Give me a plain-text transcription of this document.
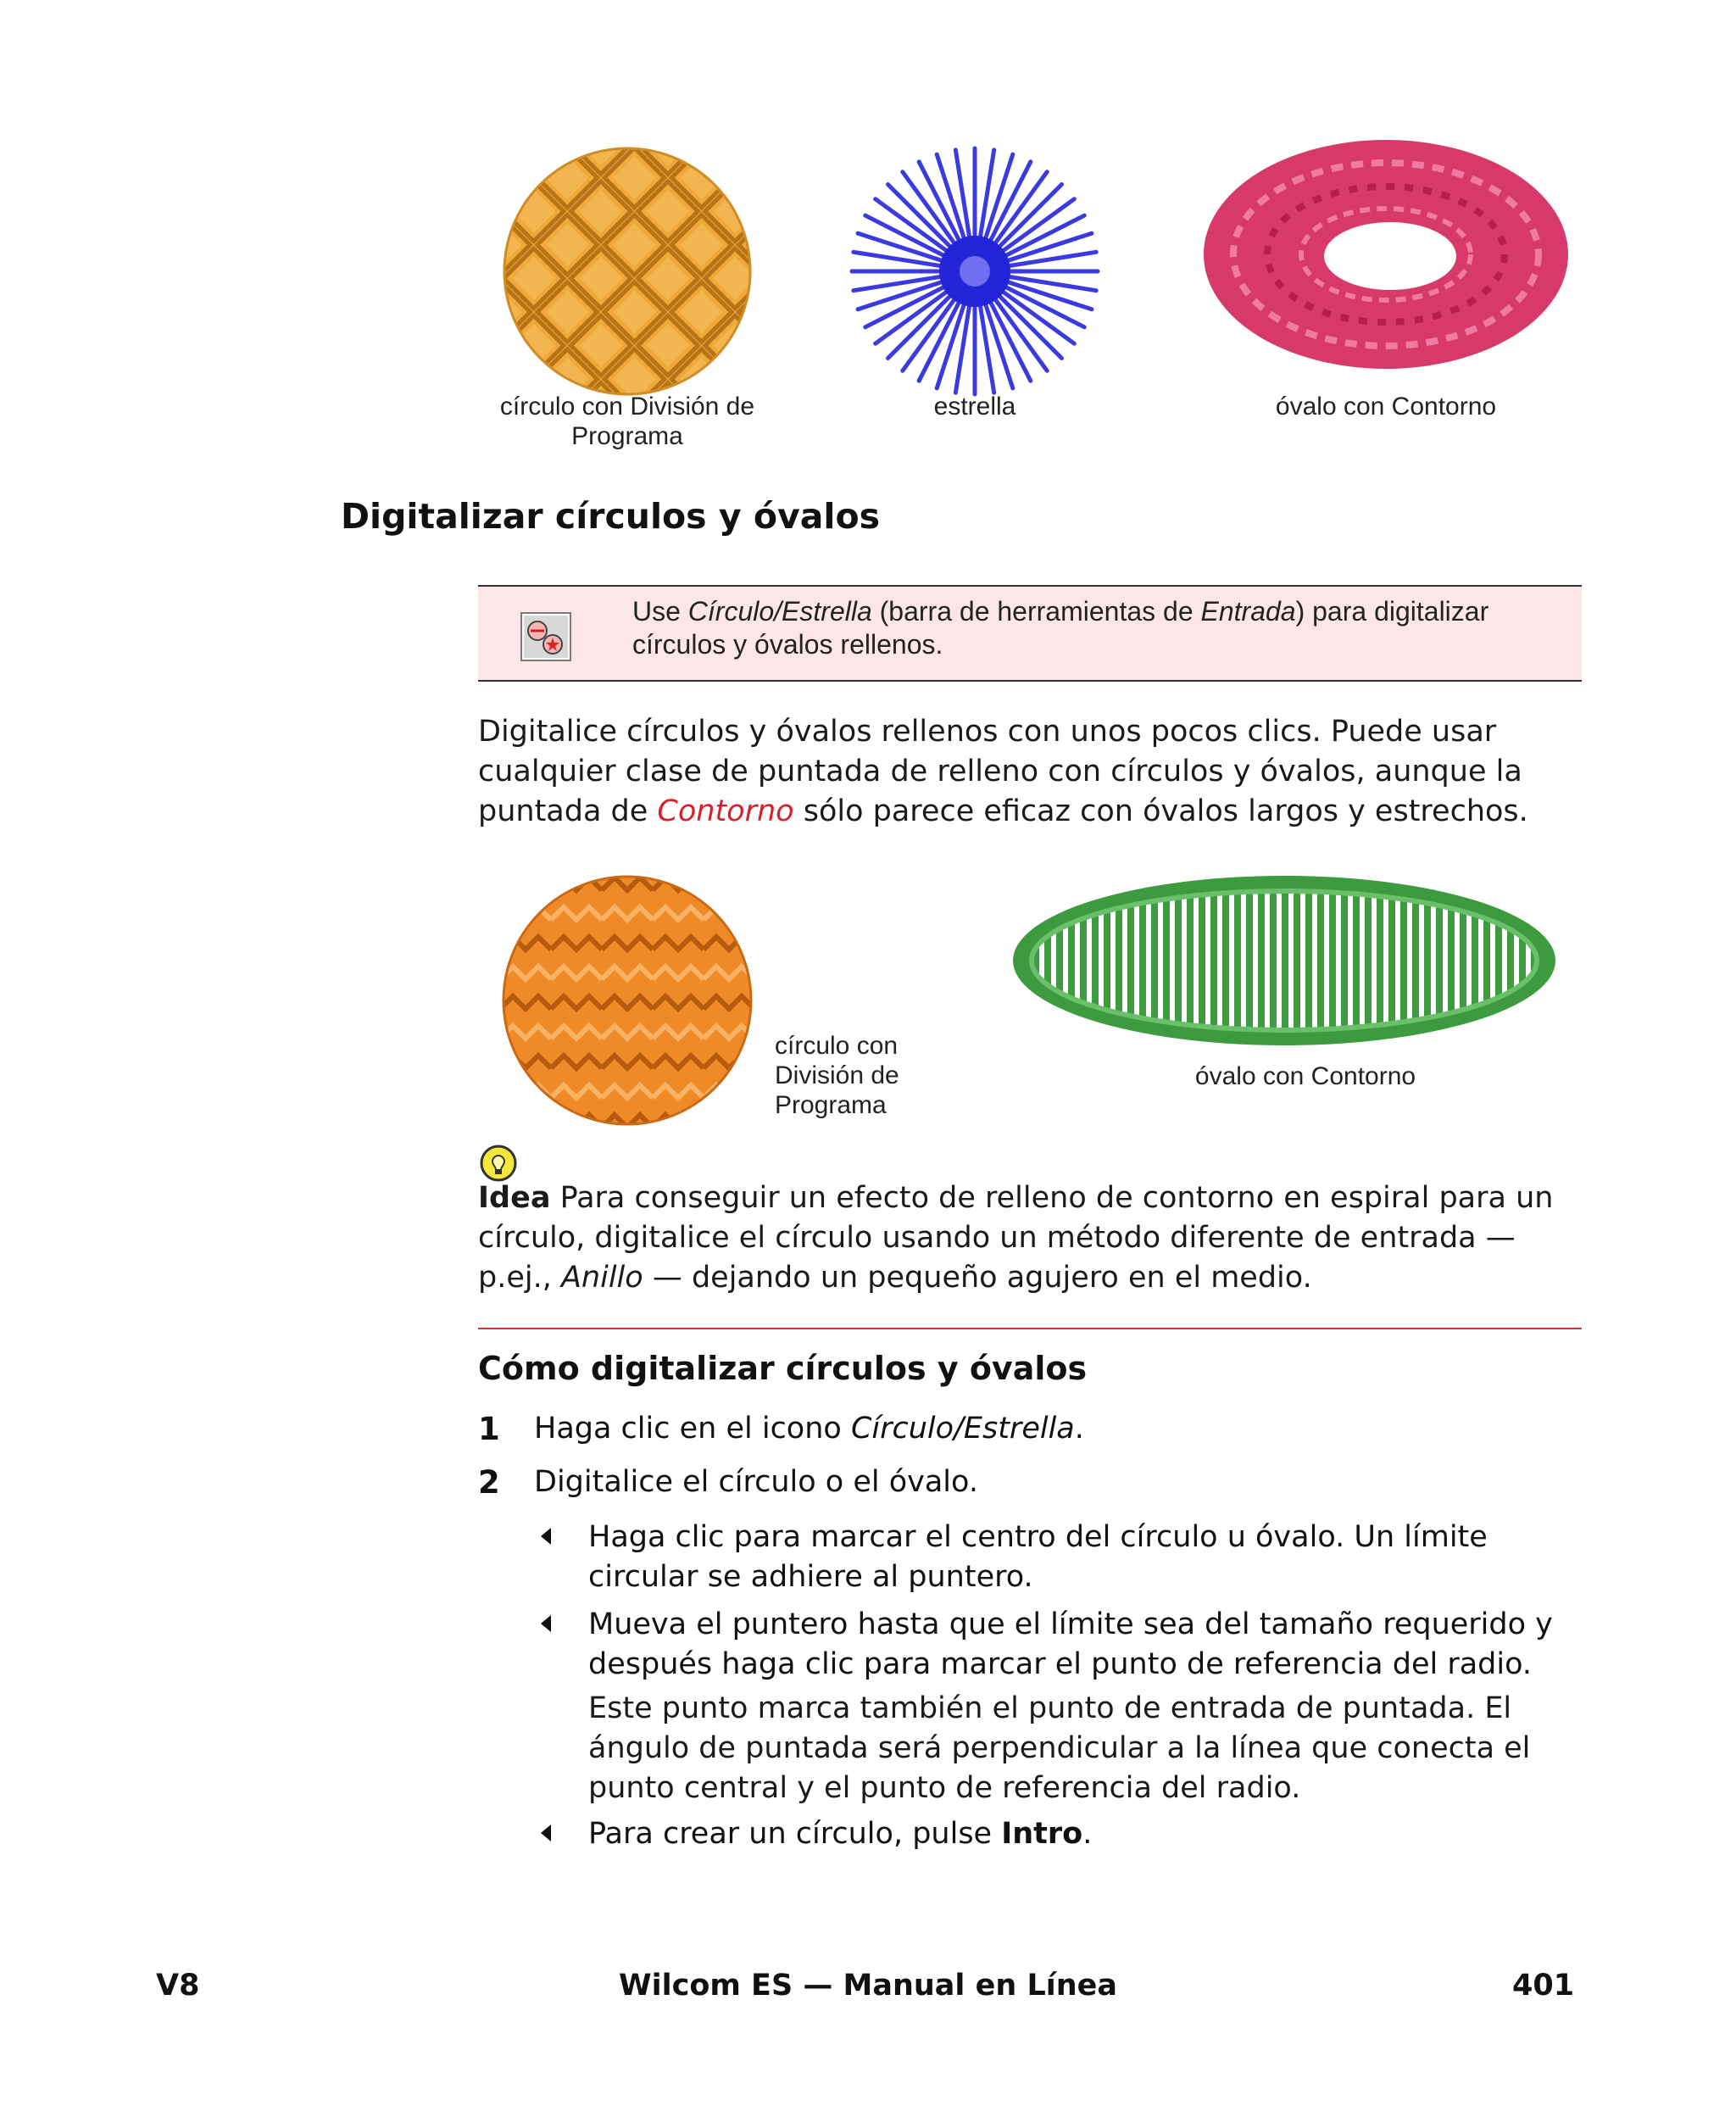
círculo con División de Programa
estrella	óvalo con Contorno
Digitalizar círculos y óvalos
Use Círculo/Estrella (barra de herramientas de Entrada) para digitalizar círculos y óvalos rellenos.
Digitalice círculos y óvalos rellenos con unos pocos clics. Puede usar cualquier clase de puntada de relleno con círculos y óvalos, aunque la puntada de Contorno sólo parece eficaz con óvalos largos y estrechos.
círculo con División de Programa
óvalo con Contorno
Idea Para conseguir un efecto de relleno de contorno en espiral para un círculo, digitalice el círculo usando un método diferente de entrada — p.ej., Anillo — dejando un pequeño agujero en el medio.
Cómo digitalizar círculos y óvalos
1 Haga clic en el icono Círculo/Estrella.
2 Digitalice el círculo o el óvalo.
Haga clic para marcar el centro del círculo u óvalo. Un límite circular se adhiere al puntero.
Mueva el puntero hasta que el límite sea del tamaño requerido y después haga clic para marcar el punto de referencia del radio.
Este punto marca también el punto de entrada de puntada. El ángulo de puntada será perpendicular a la línea que conecta el punto central y el punto de referencia del radio.
Para crear un círculo, pulse Intro.
V8	Wilcom ES — Manual en Línea	401
